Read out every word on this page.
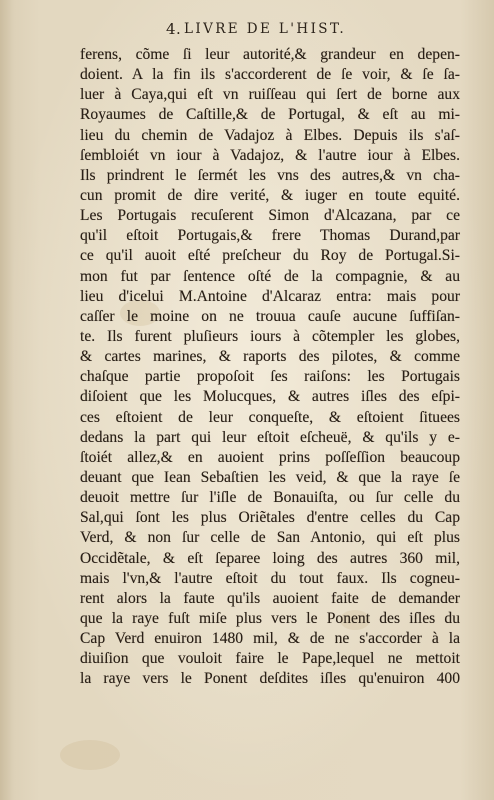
4. LIVRE DE L'HIST.
ferens, cõme ſi leur autorité,& grandeur en depen-
doient. A la fin ils s'accorderent de ſe voir, & ſe ſa-
luer à Caya,qui eſt vn ruiſſeau qui ſert de borne aux
Royaumes de Caſtille,& de Portugal, & eſt au mi-
lieu du chemin de Vadajoz à Elbes. Depuis ils s'aſ-
ſembloiét vn iour à Vadajoz, & l'autre iour à Elbes.
Ils prindrent le ſermét les vns des autres,& vn cha-
cun promit de dire verité, & iuger en toute equité.
Les Portugais recuſerent Simon d'Alcazana, par ce
qu'il eſtoit Portugais,& frere Thomas Durand,par
ce qu'il auoit eſté preſcheur du Roy de Portugal.Si-
mon fut par ſentence oſté de la compagnie, & au
lieu d'icelui M.Antoine d'Alcaraz entra: mais pour
caſſer le moine on ne trouua cauſe aucune ſuffiſan-
te. Ils furent pluſieurs iours à cõtempler les globes,
& cartes marines, & raports des pilotes, & comme
chaſque partie propoſoit ſes raiſons: les Portugais
diſoient que les Molucques, & autres iſles des eſpi-
ces eſtoient de leur conqueſte, & eſtoient ſituees
dedans la part qui leur eſtoit eſcheuë, & qu'ils y e-
ſtoiét allez,& en auoient prins poſſeſſion beaucoup
deuant que Iean Sebaſtien les veid, & que la raye ſe
deuoit mettre ſur l'iſle de Bonauiſta, ou ſur celle du
Sal,qui ſont les plus Oriẽtales d'entre celles du Cap
Verd, & non ſur celle de San Antonio, qui eſt plus
Occidẽtale, & eſt ſeparee loing des autres 360 mil,
mais l'vn,& l'autre eſtoit du tout faux. Ils cogneu-
rent alors la faute qu'ils auoient faite de demander
que la raye fuſt miſe plus vers le Ponent des iſles du
Cap Verd enuiron 1480 mil, & de ne s'accorder à la
diuiſion que vouloit faire le Pape,lequel ne mettoit
la raye vers le Ponent deſdites iſles qu'enuiron 400
